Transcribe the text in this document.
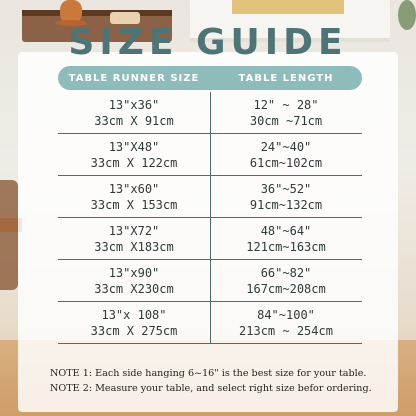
SIZE GUIDE
TABLE RUNNER SIZE	TABLE LENGTH
13"x36"
33cm X 91cm
12" ~ 28"
30cm ~71cm
13"X48"
33cm X 122cm
24"~40"
61cm~102cm
13"x60"
33cm X 153cm
36"~52"
91cm~132cm
13"X72"
33cm X183cm
48"~64"
121cm~163cm
13"x90"
33cm X230cm
66"~82"
167cm~208cm
13"x 108"
33cm X 275cm
84"~100"
213cm ~ 254cm
NOTE 1: Each side hanging 6~16" is the best size for your table.
NOTE 2: Measure your table, and select right size befor ordering.
